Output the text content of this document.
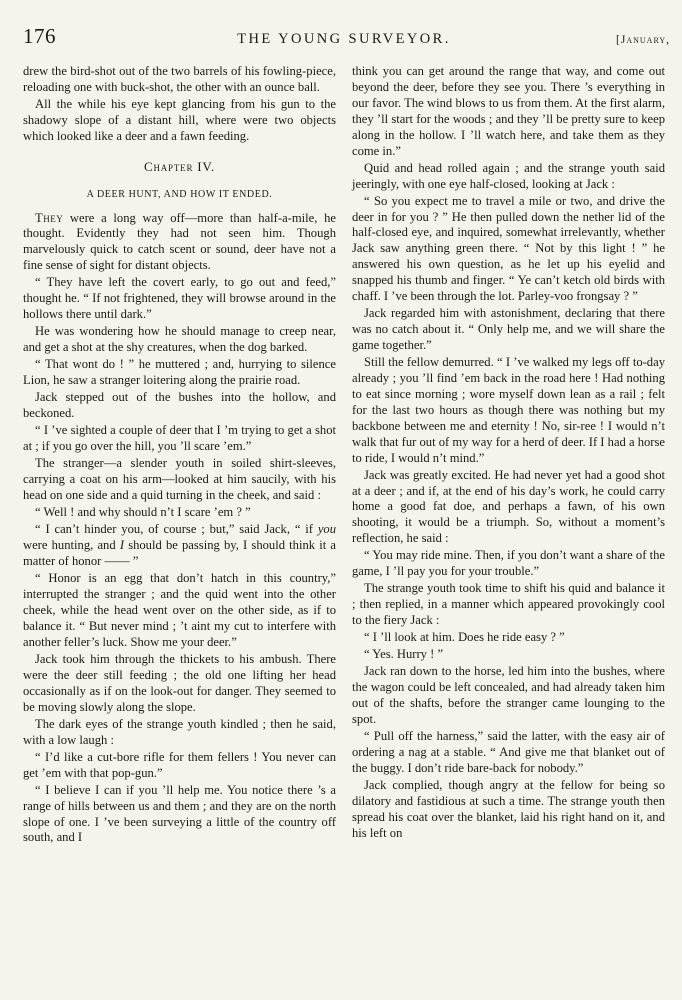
176	THE YOUNG SURVEYOR.	[January,

drew the bird-shot out of the two barrels of his fowling-piece, reloading one with buck-shot, the other with an ounce ball.

All the while his eye kept glancing from his gun to the shadowy slope of a distant hill, where were two objects which looked like a deer and a fawn feeding.

Chapter IV.
A DEER HUNT, AND HOW IT ENDED.

They were a long way off—more than half-a-mile, he thought. Evidently they had not seen him. Though marvelously quick to catch scent or sound, deer have not a fine sense of sight for distant objects.

“ They have left the covert early, to go out and feed,” thought he. “ If not frightened, they will browse around in the hollows there until dark.”

He was wondering how he should manage to creep near, and get a shot at the shy creatures, when the dog barked.

“ That wont do ! ” he muttered ; and, hurrying to silence Lion, he saw a stranger loitering along the prairie road.

Jack stepped out of the bushes into the hollow, and beckoned.

“ I ’ve sighted a couple of deer that I ’m trying to get a shot at ; if you go over the hill, you ’ll scare ’em.”

The stranger—a slender youth in soiled shirt-sleeves, carrying a coat on his arm—looked at him saucily, with his head on one side and a quid turning in the cheek, and said :

“ Well ! and why should n’t I scare ’em ? ”

“ I can’t hinder you, of course ; but,” said Jack, “ if you were hunting, and I should be passing by, I should think it a matter of honor —— ”

“ Honor is an egg that don’t hatch in this country,” interrupted the stranger ; and the quid went into the other cheek, while the head went over on the other side, as if to balance it. “ But never mind ; ’t aint my cut to interfere with another feller’s luck. Show me your deer.”

Jack took him through the thickets to his ambush. There were the deer still feeding ; the old one lifting her head occasionally as if on the look-out for danger. They seemed to be moving slowly along the slope.

The dark eyes of the strange youth kindled ; then he said, with a low laugh :

“ I’d like a cut-bore rifle for them fellers ! You never can get ’em with that pop-gun.”

“ I believe I can if you ’ll help me. You notice there ’s a range of hills between us and them ; and they are on the north slope of one. I ’ve been surveying a little of the country off south, and I

think you can get around the range that way, and come out beyond the deer, before they see you. There ’s everything in our favor. The wind blows to us from them. At the first alarm, they ’ll start for the woods ; and they ’ll be pretty sure to keep along in the hollow. I ’ll watch here, and take them as they come in.”

Quid and head rolled again ; and the strange youth said jeeringly, with one eye half-closed, looking at Jack :

“ So you expect me to travel a mile or two, and drive the deer in for you ? ” He then pulled down the nether lid of the half-closed eye, and inquired, somewhat irrelevantly, whether Jack saw anything green there. “ Not by this light ! ” he answered his own question, as he let up his eyelid and snapped his thumb and finger. “ Ye can’t ketch old birds with chaff. I ’ve been through the lot. Parley-voo frongsay ? ”

Jack regarded him with astonishment, declaring that there was no catch about it. “ Only help me, and we will share the game together.”

Still the fellow demurred. “ I ’ve walked my legs off to-day already ; you ’ll find ’em back in the road here ! Had nothing to eat since morning ; wore myself down lean as a rail ; felt for the last two hours as though there was nothing but my backbone between me and eternity ! No, sir-ree ! I would n’t walk that fur out of my way for a herd of deer. If I had a horse to ride, I would n’t mind.”

Jack was greatly excited. He had never yet had a good shot at a deer ; and if, at the end of his day’s work, he could carry home a good fat doe, and perhaps a fawn, of his own shooting, it would be a triumph. So, without a moment’s reflection, he said :

“ You may ride mine. Then, if you don’t want a share of the game, I ’ll pay you for your trouble.”

The strange youth took time to shift his quid and balance it ; then replied, in a manner which appeared provokingly cool to the fiery Jack :

“ I ’ll look at him. Does he ride easy ? ”

“ Yes. Hurry ! ”

Jack ran down to the horse, led him into the bushes, where the wagon could be left concealed, and had already taken him out of the shafts, before the stranger came lounging to the spot.

“ Pull off the harness,” said the latter, with the easy air of ordering a nag at a stable. “ And give me that blanket out of the buggy. I don’t ride bare-back for nobody.”

Jack complied, though angry at the fellow for being so dilatory and fastidious at such a time. The strange youth then spread his coat over the blanket, laid his right hand on it, and his left on
